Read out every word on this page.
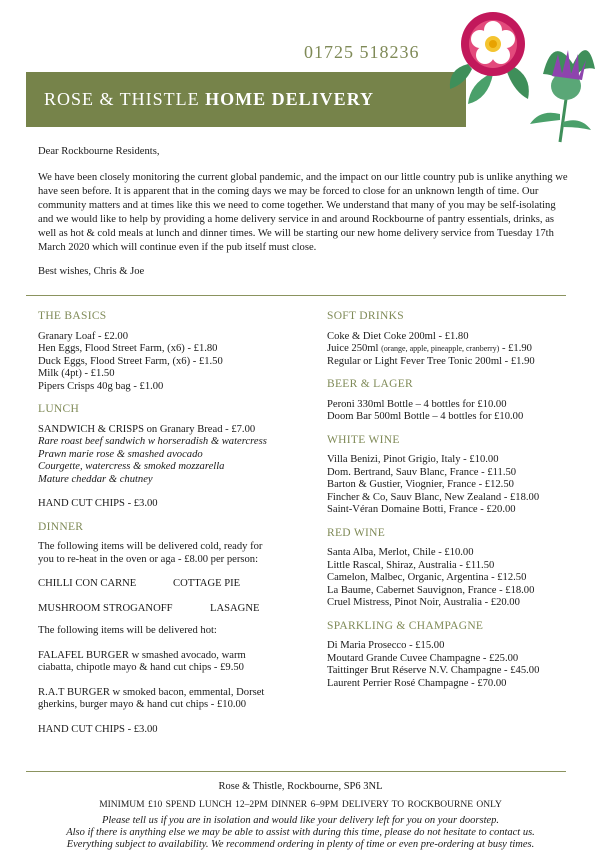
01725 518236
ROSE & THISTLE HOME DELIVERY

Dear Rockbourne Residents,

We have been closely monitoring the current global pandemic, and the impact on our little country pub is unlike anything we have seen before. It is apparent that in the coming days we may be forced to close for an unknown length of time. Our community matters and at times like this we need to come together. We understand that many of you may be self-isolating and we would like to help by providing a home delivery service in and around Rockbourne of pantry essentials, drinks, as well as hot & cold meals at lunch and dinner times. We will be starting our new home delivery service from Tuesday 17th March 2020 which will continue even if the pub itself must close.

Best wishes, Chris & Joe

THE BASICS
Granary Loaf - £2.00
Hen Eggs, Flood Street Farm, (x6) - £1.80
Duck Eggs, Flood Street Farm, (x6) - £1.50
Milk (4pt) - £1.50
Pipers Crisps 40g bag - £1.00
LUNCH
SANDWICH & CRISPS on Granary Bread - £7.00
Rare roast beef sandwich w horseradish & watercress
Prawn marie rose & smashed avocado
Courgette, watercress & smoked mozzarella
Mature cheddar & chutney
HAND CUT CHIPS - £3.00
DINNER
The following items will be delivered cold, ready for
you to re-heat in the oven or aga - £8.00 per person:
CHILLI CON CARNE	COTTAGE PIE
MUSHROOM STROGANOFF	LASAGNE
The following items will be delivered hot:
FALAFEL BURGER w smashed avocado, warm
ciabatta, chipotle mayo & hand cut chips - £9.50
R.A.T BURGER w smoked bacon, emmental, Dorset
gherkins, burger mayo & hand cut chips - £10.00
HAND CUT CHIPS - £3.00
SOFT DRINKS
Coke & Diet Coke 200ml - £1.80
Juice 250ml (orange, apple, pineapple, cranberry) - £1.90
Regular or Light Fever Tree Tonic 200ml - £1.90
BEER & LAGER
Peroni 330ml Bottle – 4 bottles for £10.00
Doom Bar 500ml Bottle – 4 bottles for £10.00
WHITE WINE
Villa Benizi, Pinot Grigio, Italy - £10.00
Dom. Bertrand, Sauv Blanc, France - £11.50
Barton & Gustier, Viognier, France - £12.50
Fincher & Co, Sauv Blanc, New Zealand - £18.00
Saint-Véran Domaine Botti, France - £20.00
RED WINE
Santa Alba, Merlot, Chile - £10.00
Little Rascal, Shiraz, Australia - £11.50
Camelon, Malbec, Organic, Argentina - £12.50
La Baume, Cabernet Sauvignon, France - £18.00
Cruel Mistress, Pinot Noir, Australia - £20.00
SPARKLING & CHAMPAGNE
Di Maria Prosecco - £15.00
Moutard Grande Cuvee Champagne - £25.00
Taittinger Brut Réserve N.V. Champagne - £45.00
Laurent Perrier Rosé Champagne - £70.00
Rose & Thistle, Rockbourne, SP6 3NL
MINIMUM £10 SPEND LUNCH 12–2PM DINNER 6–9PM DELIVERY TO ROCKBOURNE ONLY
Please tell us if you are in isolation and would like your delivery left for you on your doorstep.
Also if there is anything else we may be able to assist with during this time, please do not hesitate to contact us.
Everything subject to availability. We recommend ordering in plenty of time or even pre-ordering at busy times.
